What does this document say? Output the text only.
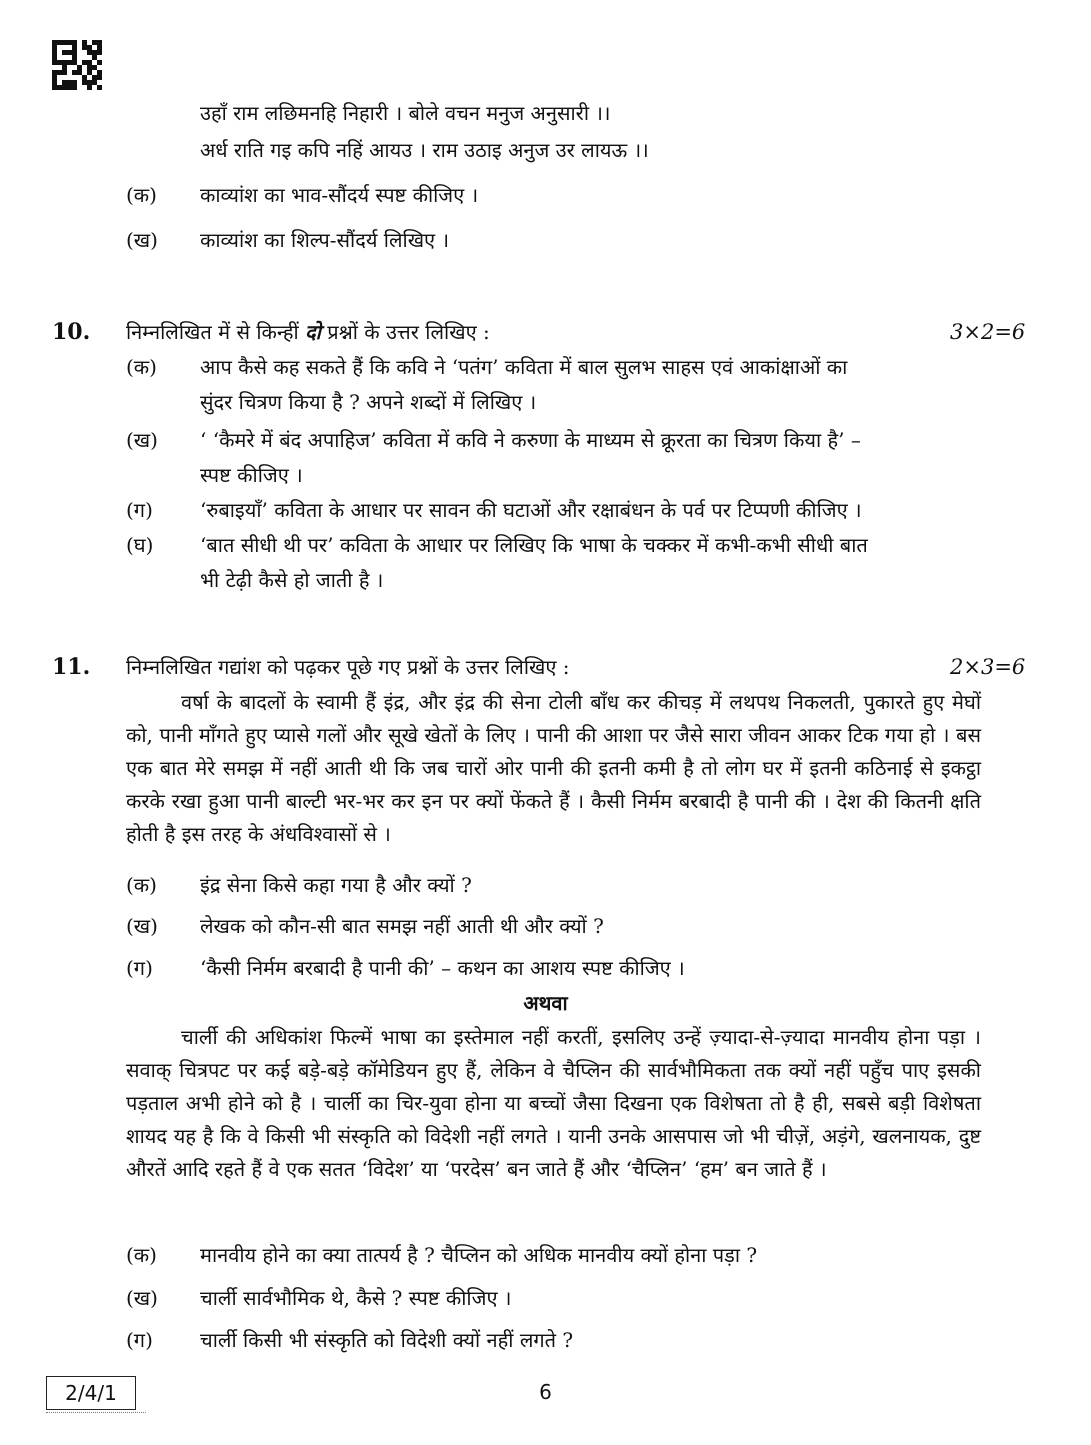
उहाँ राम लछिमनहि निहारी । बोले वचन मनुज अनुसारी ।।
अर्ध राति गइ कपि नहिं आयउ । राम उठाइ अनुज उर लायऊ ।।
(क) काव्यांश का भाव-सौंदर्य स्पष्ट कीजिए ।
(ख) काव्यांश का शिल्प-सौंदर्य लिखिए ।
10. निम्नलिखित में से किन्हीं दो प्रश्नों के उत्तर लिखिए :	3×2=6
(क) आप कैसे कह सकते हैं कि कवि ने ‘पतंग’ कविता में बाल सुलभ साहस एवं आकांक्षाओं का
सुंदर चित्रण किया है ? अपने शब्दों में लिखिए ।
(ख) ‘ ‘कैमरे में बंद अपाहिज’ कविता में कवि ने करुणा के माध्यम से क्रूरता का चित्रण किया है’ –
स्पष्ट कीजिए ।
(ग) ‘रुबाइयाँ’ कविता के आधार पर सावन की घटाओं और रक्षाबंधन के पर्व पर टिप्पणी कीजिए ।
(घ) ‘बात सीधी थी पर’ कविता के आधार पर लिखिए कि भाषा के चक्कर में कभी-कभी सीधी बात
भी टेढ़ी कैसे हो जाती है ।
11. निम्नलिखित गद्यांश को पढ़कर पूछे गए प्रश्नों के उत्तर लिखिए :	2×3=6
वर्षा के बादलों के स्वामी हैं इंद्र, और इंद्र की सेना टोली बाँध कर कीचड़ में लथपथ निकलती, पुकारते हुए मेघों को, पानी माँगते हुए प्यासे गलों और सूखे खेतों के लिए । पानी की आशा पर जैसे सारा जीवन आकर टिक गया हो । बस एक बात मेरे समझ में नहीं आती थी कि जब चारों ओर पानी की इतनी कमी है तो लोग घर में इतनी कठिनाई से इकट्ठा करके रखा हुआ पानी बाल्टी भर-भर कर इन पर क्यों फेंकते हैं । कैसी निर्मम बरबादी है पानी की । देश की कितनी क्षति होती है इस तरह के अंधविश्वासों से ।
(क) इंद्र सेना किसे कहा गया है और क्यों ?
(ख) लेखक को कौन-सी बात समझ नहीं आती थी और क्यों ?
(ग) ‘कैसी निर्मम बरबादी है पानी की’ – कथन का आशय स्पष्ट कीजिए ।
अथवा
चार्ली की अधिकांश फिल्में भाषा का इस्तेमाल नहीं करतीं, इसलिए उन्हें ज़्यादा-से-ज़्यादा मानवीय होना पड़ा । सवाक् चित्रपट पर कई बड़े-बड़े कॉमेडियन हुए हैं, लेकिन वे चैप्लिन की सार्वभौमिकता तक क्यों नहीं पहुँच पाए इसकी पड़ताल अभी होने को है । चार्ली का चिर-युवा होना या बच्चों जैसा दिखना एक विशेषता तो है ही, सबसे बड़ी विशेषता शायद यह है कि वे किसी भी संस्कृति को विदेशी नहीं लगते । यानी उनके आसपास जो भी चीज़ें, अड़ंगे, खलनायक, दुष्ट औरतें आदि रहते हैं वे एक सतत ‘विदेश’ या ‘परदेस’ बन जाते हैं और ‘चैप्लिन’ ‘हम’ बन जाते हैं ।
(क) मानवीय होने का क्या तात्पर्य है ? चैप्लिन को अधिक मानवीय क्यों होना पड़ा ?
(ख) चार्ली सार्वभौमिक थे, कैसे ? स्पष्ट कीजिए ।
(ग) चार्ली किसी भी संस्कृति को विदेशी क्यों नहीं लगते ?
2/4/1	6
